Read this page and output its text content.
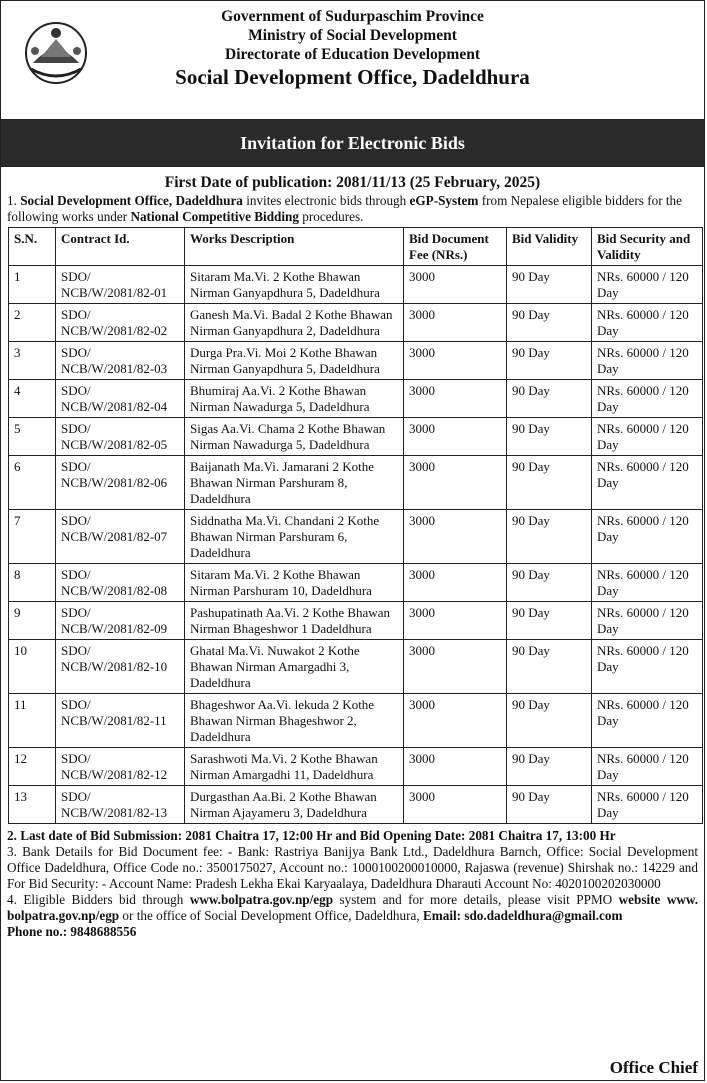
Government of Sudurpaschim Province
Ministry of Social Development
Directorate of Education Development
Social Development Office, Dadeldhura
Invitation for Electronic Bids
First Date of publication: 2081/11/13 (25 February, 2025)
1. Social Development Office, Dadeldhura invites electronic bids through eGP-System from Nepalese eligible bidders for the following works under National Competitive Bidding procedures.
S.N.	Contract Id.	Works Description	Bid Document Fee (NRs.)	Bid Validity	Bid Security and Validity
1	SDO/ NCB/W/2081/82-01	Sitaram Ma.Vi. 2 Kothe Bhawan Nirman Ganyapdhura 5, Dadeldhura	3000	90 Day	NRs. 60000 / 120 Day
2	SDO/ NCB/W/2081/82-02	Ganesh Ma.Vi. Badal 2 Kothe Bhawan Nirman Ganyapdhura 2, Dadeldhura	3000	90 Day	NRs. 60000 / 120 Day
3	SDO/ NCB/W/2081/82-03	Durga Pra.Vi. Moi 2 Kothe Bhawan Nirman Ganyapdhura 5, Dadeldhura	3000	90 Day	NRs. 60000 / 120 Day
4	SDO/ NCB/W/2081/82-04	Bhumiraj Aa.Vi. 2 Kothe Bhawan Nirman Nawadurga 5, Dadeldhura	3000	90 Day	NRs. 60000 / 120 Day
5	SDO/ NCB/W/2081/82-05	Sigas Aa.Vi. Chama 2 Kothe Bhawan Nirman Nawadurga 5, Dadeldhura	3000	90 Day	NRs. 60000 / 120 Day
6	SDO/ NCB/W/2081/82-06	Baijanath Ma.Vi. Jamarani 2 Kothe Bhawan Nirman Parshuram 8, Dadeldhura	3000	90 Day	NRs. 60000 / 120 Day
7	SDO/ NCB/W/2081/82-07	Siddnatha Ma.Vi. Chandani 2 Kothe Bhawan Nirman Parshuram 6, Dadeldhura	3000	90 Day	NRs. 60000 / 120 Day
8	SDO/ NCB/W/2081/82-08	Sitaram Ma.Vi. 2 Kothe Bhawan Nirman Parshuram 10, Dadeldhura	3000	90 Day	NRs. 60000 / 120 Day
9	SDO/ NCB/W/2081/82-09	Pashupatinath Aa.Vi. 2 Kothe Bhawan Nirman Bhageshwor 1 Dadeldhura	3000	90 Day	NRs. 60000 / 120 Day
10	SDO/ NCB/W/2081/82-10	Ghatal Ma.Vi. Nuwakot 2 Kothe Bhawan Nirman Amargadhi 3, Dadeldhura	3000	90 Day	NRs. 60000 / 120 Day
11	SDO/ NCB/W/2081/82-11	Bhageshwor Aa.Vi. lekuda 2 Kothe Bhawan Nirman Bhageshwor 2, Dadeldhura	3000	90 Day	NRs. 60000 / 120 Day
12	SDO/ NCB/W/2081/82-12	Sarashwoti Ma.Vi. 2 Kothe Bhawan Nirman Amargadhi 11, Dadeldhura	3000	90 Day	NRs. 60000 / 120 Day
13	SDO/ NCB/W/2081/82-13	Durgasthan Aa.Bi. 2 Kothe Bhawan Nirman Ajayameru 3, Dadeldhura	3000	90 Day	NRs. 60000 / 120 Day

2. Last date of Bid Submission: 2081 Chaitra 17, 12:00 Hr and Bid Opening Date: 2081 Chaitra 17, 13:00 Hr

3. Bank Details for Bid Document fee: - Bank: Rastriya Banijya Bank Ltd., Dadeldhura Barnch, Office: Social Development Office Dadeldhura, Office Code no.: 3500175027, Account no.: 1000100200010000, Rajaswa (revenue) Shirshak no.: 14229 and For Bid Security: - Account Name: Pradesh Lekha Ekai Karyaalaya, Dadeldhura Dharauti Account No: 4020100202030000

4. Eligible Bidders bid through www.bolpatra.gov.np/egp system and for more details, please visit PPMO website www. bolpatra.gov.np/egp or the office of Social Development Office, Dadeldhura, Email: sdo.dadeldhura@gmail.com
Phone no.: 9848688556

Office Chief
